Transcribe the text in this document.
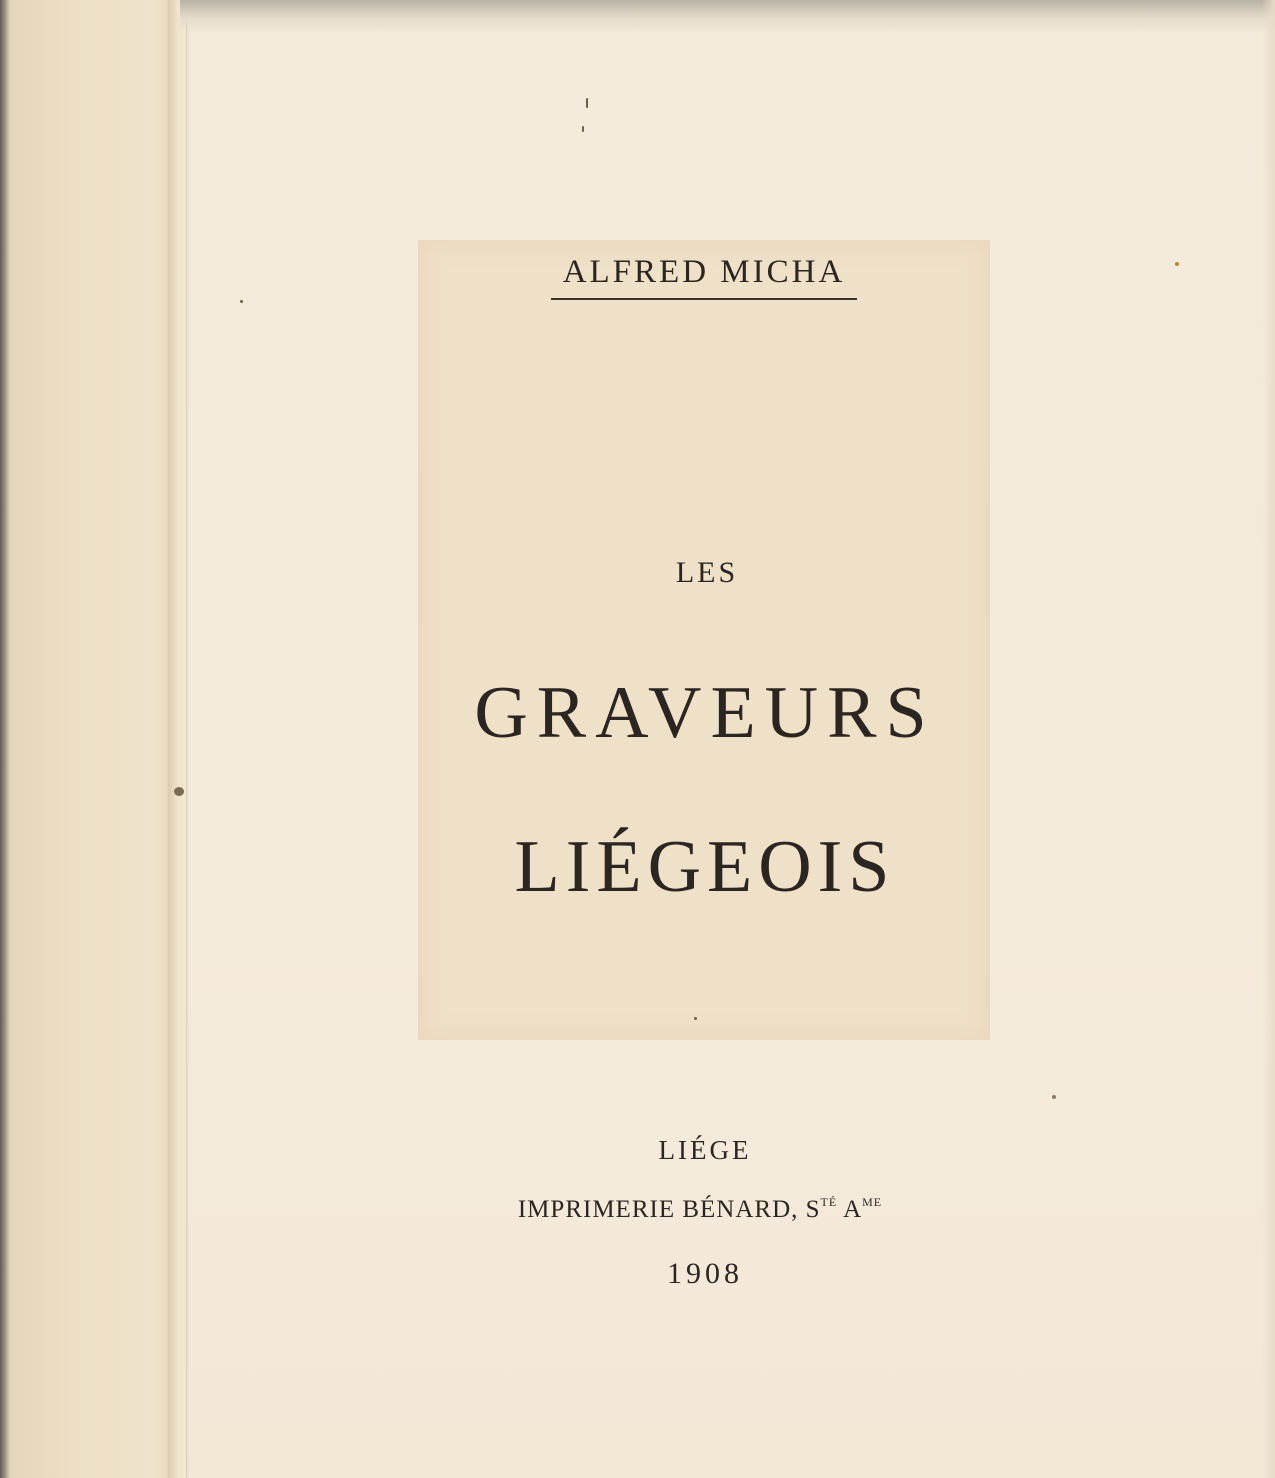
ALFRED MICHA

LES

GRAVEURS

LIÉGEOIS

LIÉGE

IMPRIMERIE BÉNARD, $S^{TÉ}$ $A^{ME}$

1908
